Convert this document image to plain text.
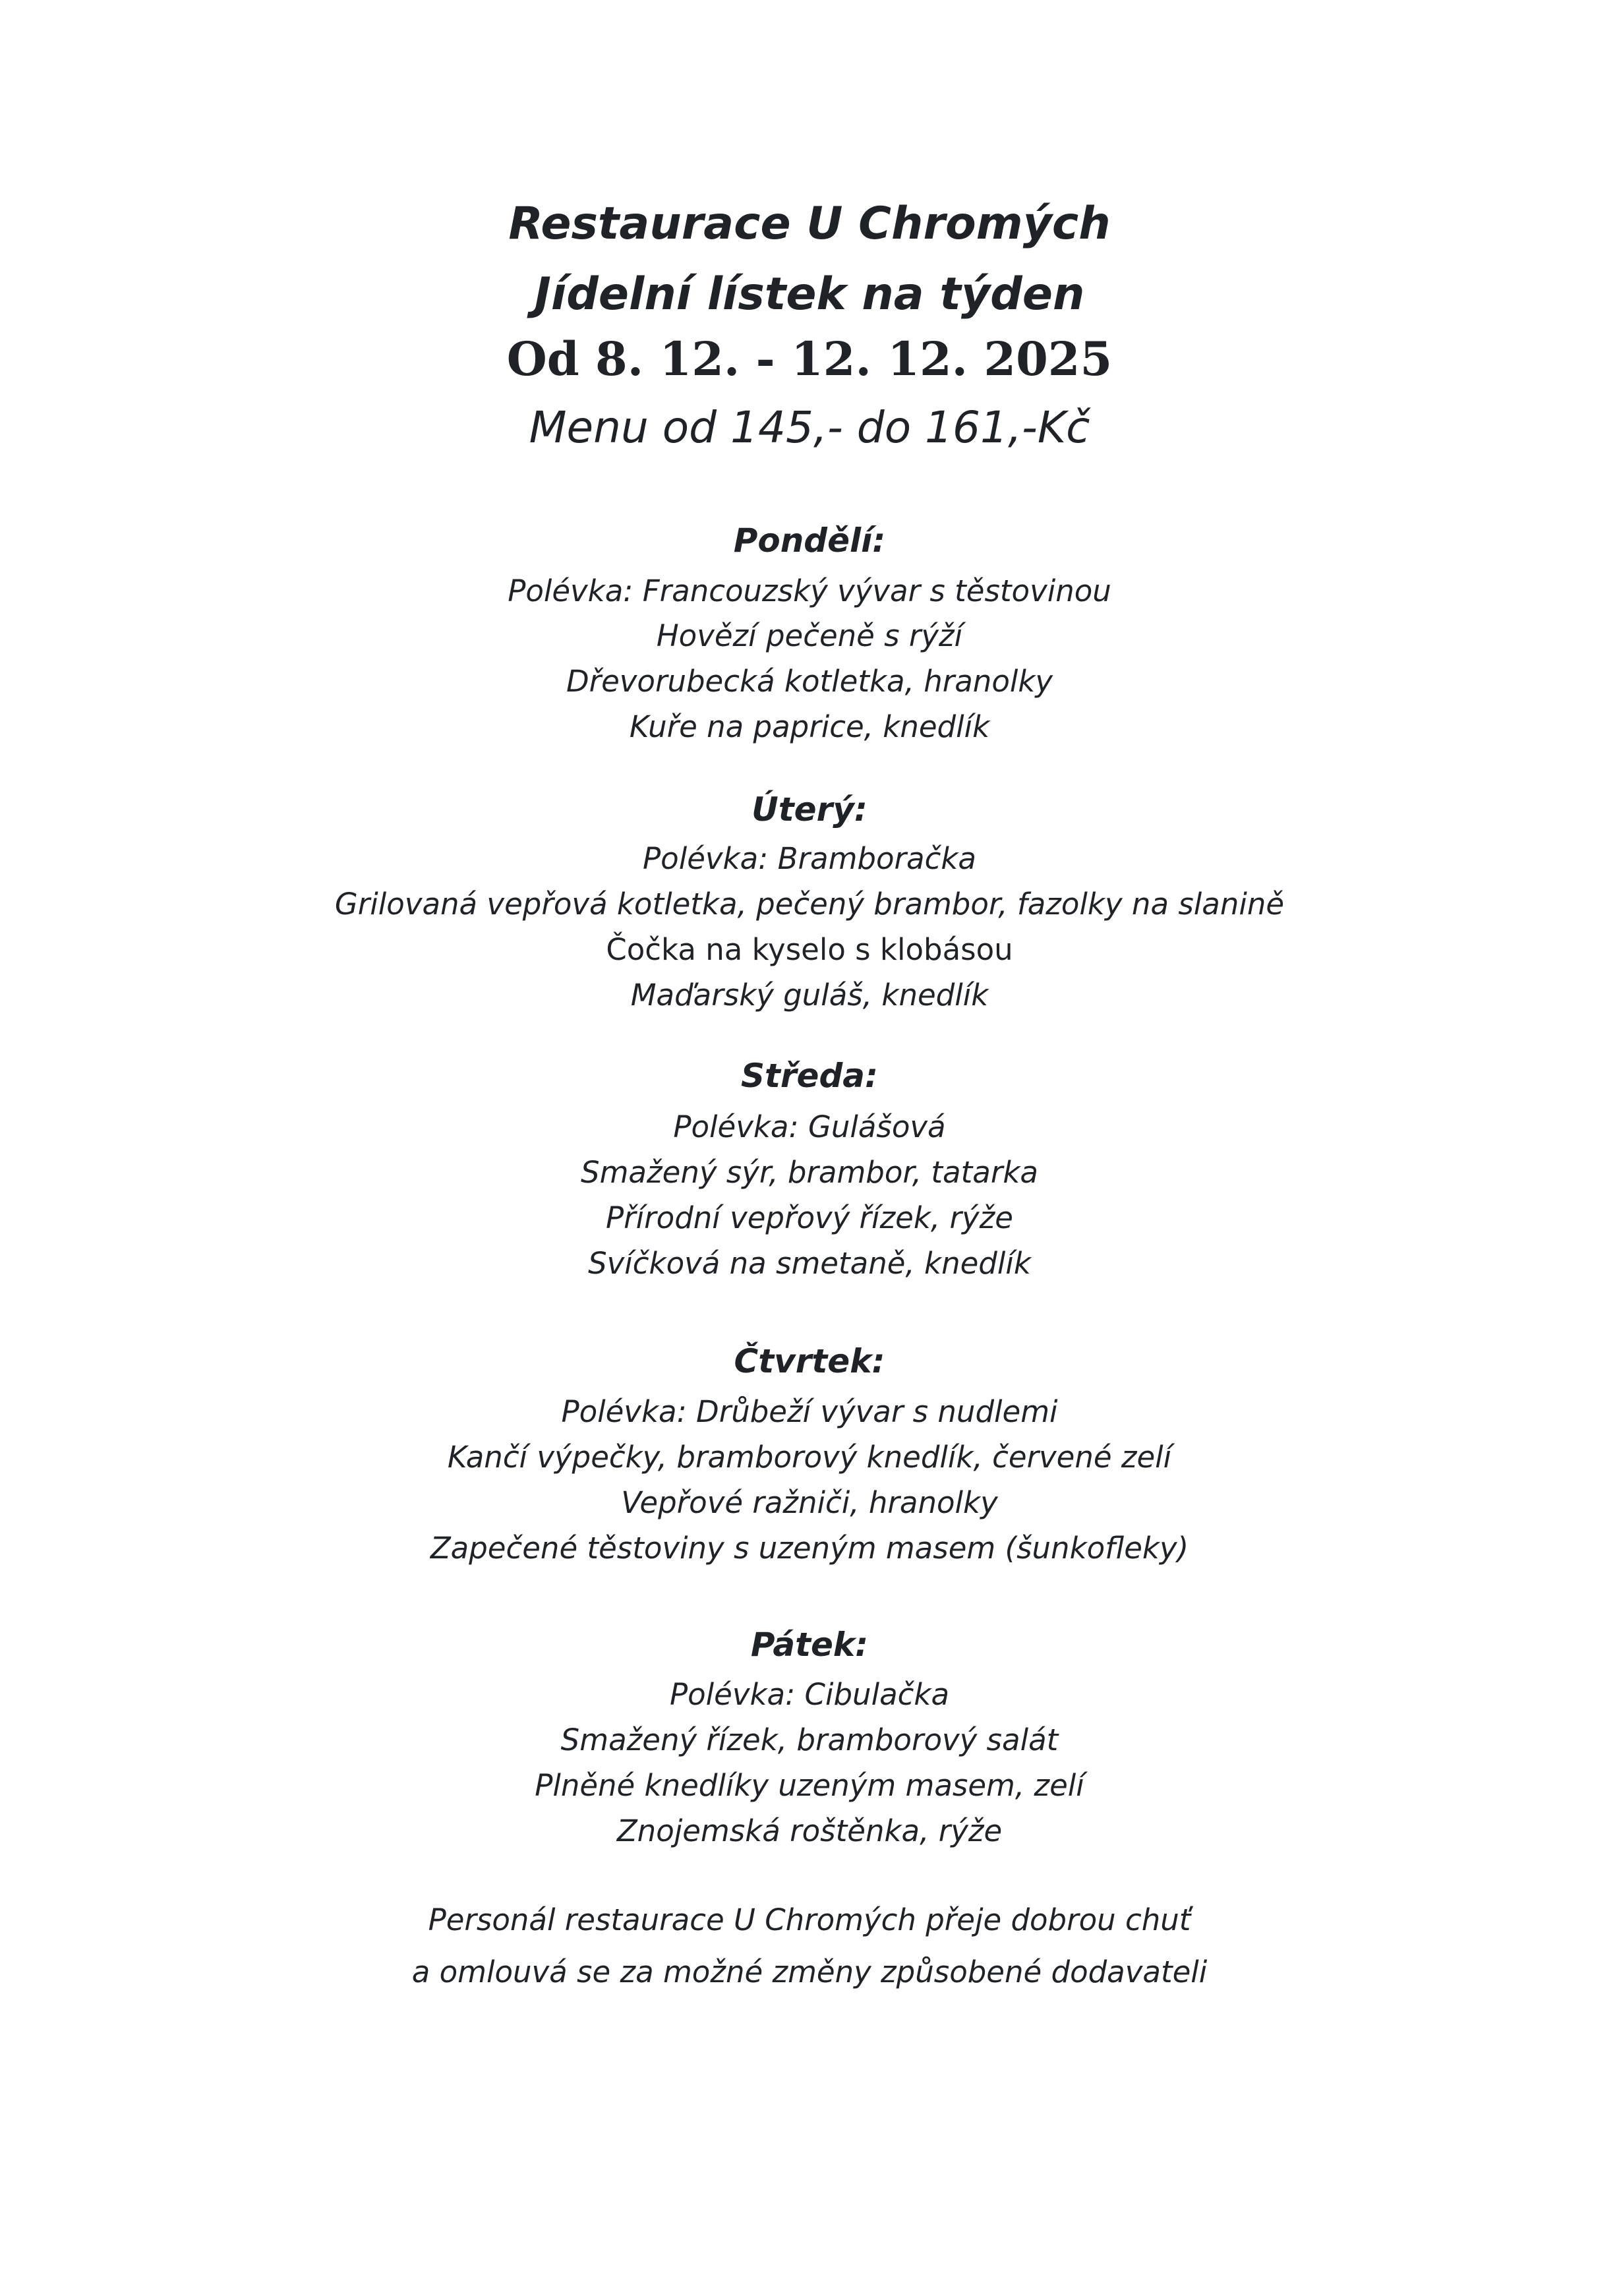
Restaurace U Chromých
Jídelní lístek na týden
Od 8. 12. - 12. 12. 2025
Menu od 145,- do 161,-Kč
Pondělí:
Polévka: Francouzský vývar s těstovinou
Hovězí pečeně s rýží
Dřevorubecká kotletka, hranolky
Kuře na paprice, knedlík
Úterý:
Polévka: Bramboračka
Grilovaná vepřová kotletka, pečený brambor, fazolky na slanině
Čočka na kyselo s klobásou
Maďarský guláš, knedlík
Středa:
Polévka: Gulášová
Smažený sýr, brambor, tatarka
Přírodní vepřový řízek, rýže
Svíčková na smetaně, knedlík
Čtvrtek:
Polévka: Drůbeží vývar s nudlemi
Kančí výpečky, bramborový knedlík, červené zelí
Vepřové ražniči, hranolky
Zapečené těstoviny s uzeným masem (šunkofleky)
Pátek:
Polévka: Cibulačka
Smažený řízek, bramborový salát
Plněné knedlíky uzeným masem, zelí
Znojemská roštěnka, rýže
Personál restaurace U Chromých přeje dobrou chuť
a omlouvá se za možné změny způsobené dodavateli
